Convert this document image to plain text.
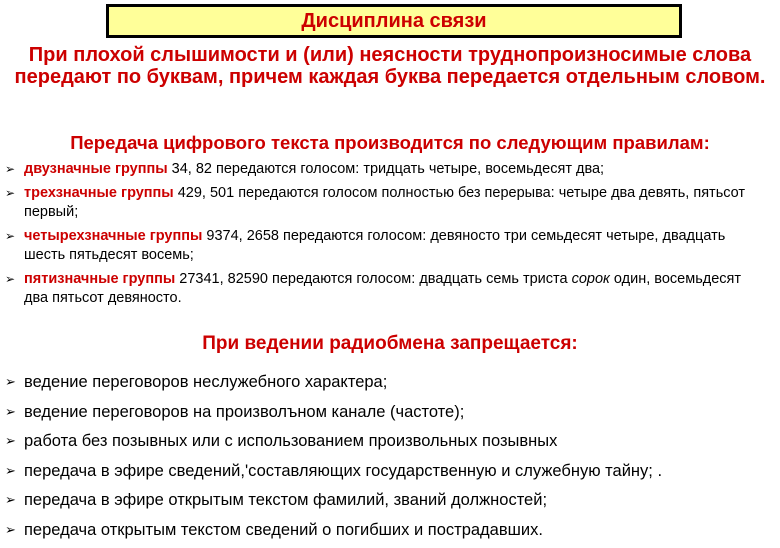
Дисциплина связи

При плохой слышимости и (или) неясности труднопроизносимые слова передают по буквам, причем каждая буква передается отдельным словом.

Передача цифрового текста производится по следующим правилам:

➢ двузначные группы 34, 82 передаются голосом: тридцать четыре, восемьдесят два;
➢ трехзначные группы 429, 501 передаются голосом полностью без перерыва: четыре два девять, пятьсот первый;
➢ четырехзначные группы 9374, 2658 передаются голосом: девяносто три семьдесят четыре, двадцать шесть пятьдесят восемь;
➢ пятизначные группы 27341, 82590 передаются голосом: двадцать семь триста сорок один, восемьдесят два пятьсот девяносто.

При ведении радиобмена запрещается:

➢ ведение переговоров неслужебного характера;
➢ ведение переговоров на произволъном канале (частоте);
➢ работа без позывных или с использованием произвольных позывных
➢ передача в эфире сведений,'составляющих государственную и служебную тайну; .
➢ передача в эфире открытым текстом фамилий, званий должностей;
➢ передача открытым текстом сведений о погибших и пострадавших.
